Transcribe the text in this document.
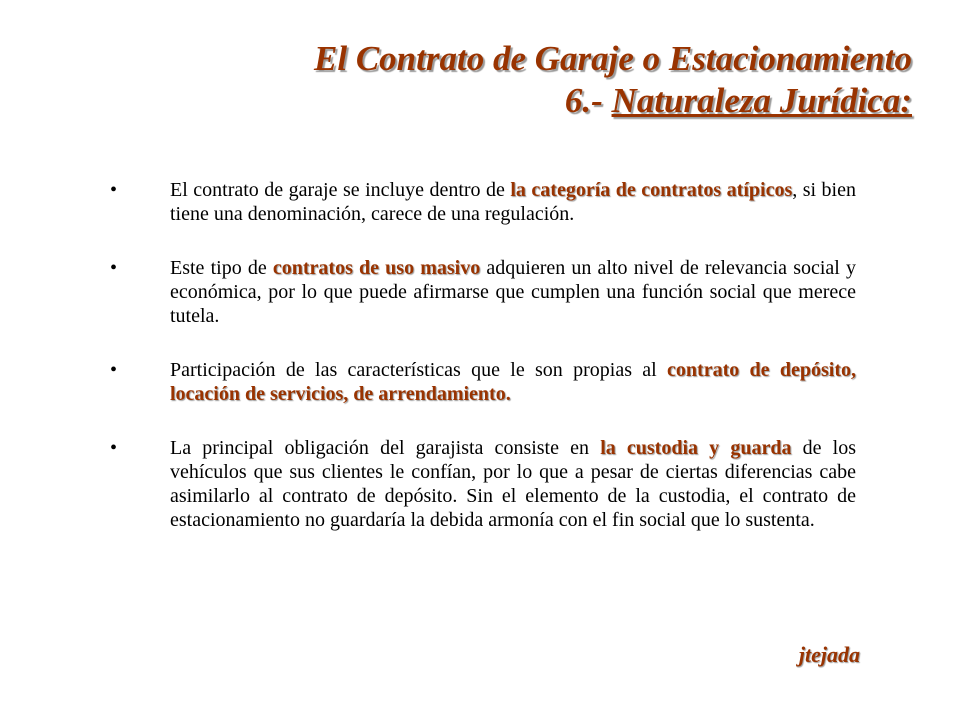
El Contrato de Garaje o Estacionamiento
6.- Naturaleza Jurídica:
•	El contrato de garaje se incluye dentro de la categoría de contratos atípicos, si bien tiene una denominación, carece de una regulación.
•	Este tipo de contratos de uso masivo adquieren un alto nivel de relevancia social y económica, por lo que puede afirmarse que cumplen una función social que merece tutela.
•	Participación de las características que le son propias al contrato de depósito, locación de servicios, de arrendamiento.
•	La principal obligación del garajista consiste en la custodia y guarda de los vehículos que sus clientes le confían, por lo que a pesar de ciertas diferencias cabe asimilarlo al contrato de depósito. Sin el elemento de la custodia, el contrato de estacionamiento no guardaría la debida armonía con el fin social que lo sustenta.
jtejada
